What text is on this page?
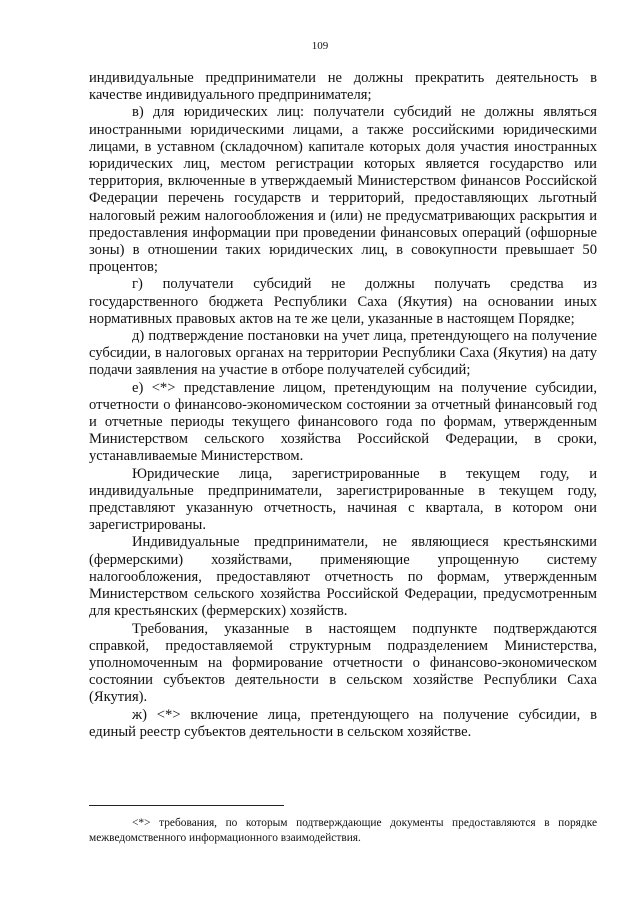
109

индивидуальные предприниматели не должны прекратить деятельность в качестве индивидуального предпринимателя;

в) для юридических лиц: получатели субсидий не должны являться иностранными юридическими лицами, а также российскими юридическими лицами, в уставном (складочном) капитале которых доля участия иностранных юридических лиц, местом регистрации которых является государство или территория, включенные в утверждаемый Министерством финансов Российской Федерации перечень государств и территорий, предоставляющих льготный налоговый режим налогообложения и (или) не предусматривающих раскрытия и предоставления информации при проведении финансовых операций (офшорные зоны) в отношении таких юридических лиц, в совокупности превышает 50 процентов;

г) получатели субсидий не должны получать средства из государственного бюджета Республики Саха (Якутия) на основании иных нормативных правовых актов на те же цели, указанные в настоящем Порядке;

д) подтверждение постановки на учет лица, претендующего на получение субсидии, в налоговых органах на территории Республики Саха (Якутия) на дату подачи заявления на участие в отборе получателей субсидий;

е) <*> представление лицом, претендующим на получение субсидии, отчетности о финансово-экономическом состоянии за отчетный финансовый год и отчетные периоды текущего финансового года по формам, утвержденным Министерством сельского хозяйства Российской Федерации, в сроки, устанавливаемые Министерством.

Юридические лица, зарегистрированные в текущем году, и индивидуальные предприниматели, зарегистрированные в текущем году, представляют указанную отчетность, начиная с квартала, в котором они зарегистрированы.

Индивидуальные предприниматели, не являющиеся крестьянскими (фермерскими) хозяйствами, применяющие упрощенную систему налогообложения, предоставляют отчетность по формам, утвержденным Министерством сельского хозяйства Российской Федерации, предусмотренным для крестьянских (фермерских) хозяйств.

Требования, указанные в настоящем подпункте подтверждаются справкой, предоставляемой структурным подразделением Министерства, уполномоченным на формирование отчетности о финансово-экономическом состоянии субъектов деятельности в сельском хозяйстве Республики Саха (Якутия).

ж) <*> включение лица, претендующего на получение субсидии, в единый реестр субъектов деятельности в сельском хозяйстве.

<*> требования, по которым подтверждающие документы предоставляются в порядке межведомственного информационного взаимодействия.
